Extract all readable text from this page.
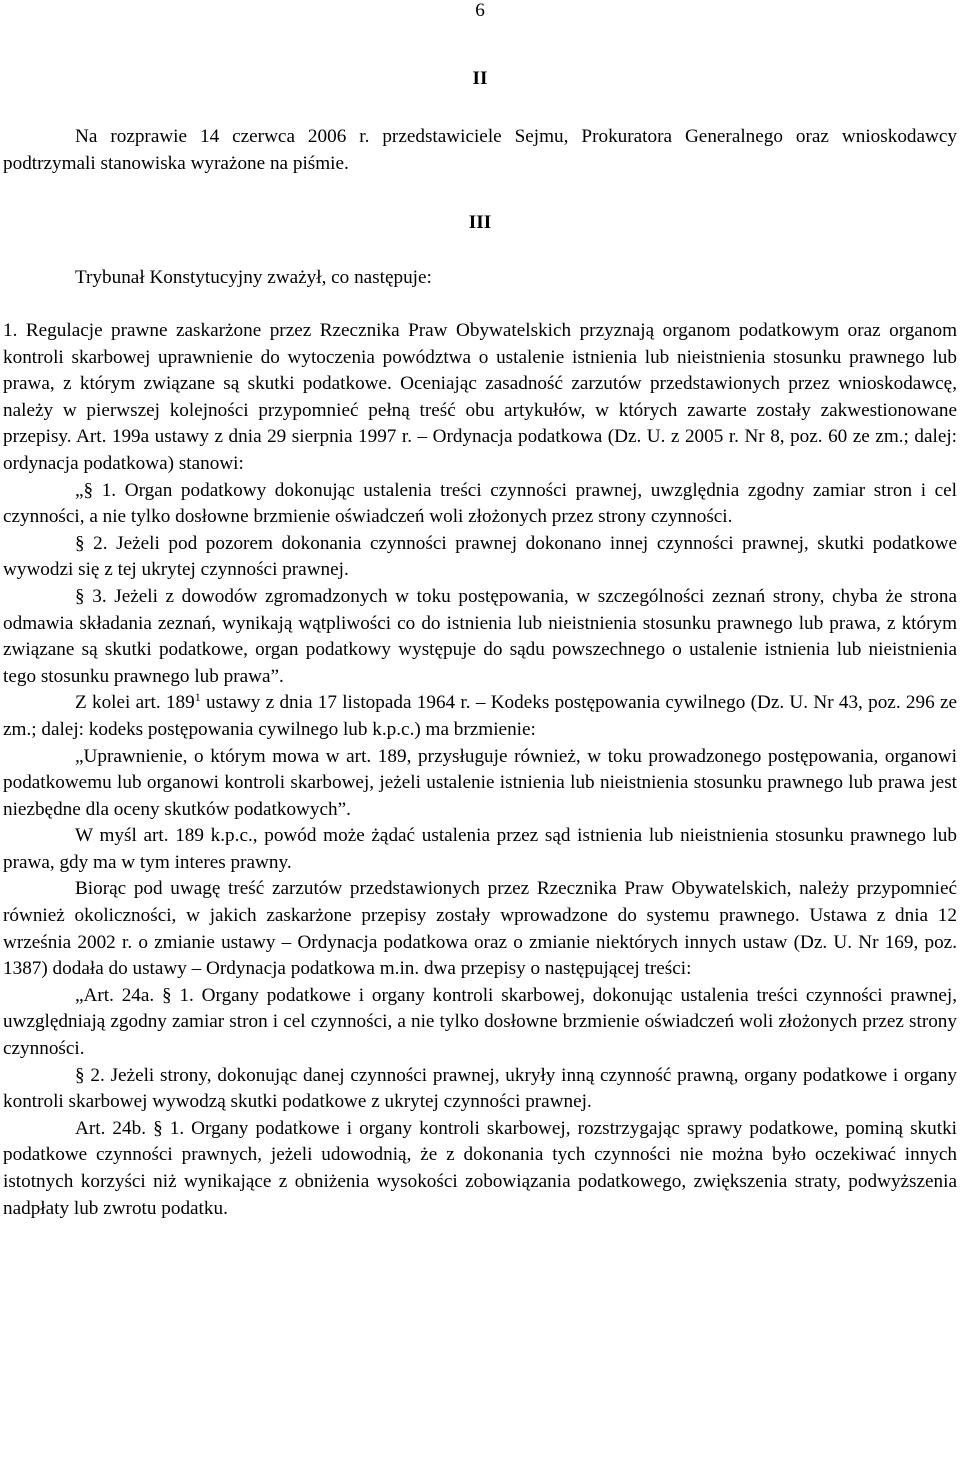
6
II

Na rozprawie 14 czerwca 2006 r. przedstawiciele Sejmu, Prokuratora Generalnego oraz wnioskodawcy podtrzymali stanowiska wyrażone na piśmie.

III

Trybunał Konstytucyjny zważył, co następuje:

1. Regulacje prawne zaskarżone przez Rzecznika Praw Obywatelskich przyznają organom podatkowym oraz organom kontroli skarbowej uprawnienie do wytoczenia powództwa o ustalenie istnienia lub nieistnienia stosunku prawnego lub prawa, z którym związane są skutki podatkowe. Oceniając zasadność zarzutów przedstawionych przez wnioskodawcę, należy w pierwszej kolejności przypomnieć pełną treść obu artykułów, w których zawarte zostały zakwestionowane przepisy. Art. 199a ustawy z dnia 29 sierpnia 1997 r. – Ordynacja podatkowa (Dz. U. z 2005 r. Nr 8, poz. 60 ze zm.; dalej: ordynacja podatkowa) stanowi:

„§ 1. Organ podatkowy dokonując ustalenia treści czynności prawnej, uwzględnia zgodny zamiar stron i cel czynności, a nie tylko dosłowne brzmienie oświadczeń woli złożonych przez strony czynności.

§ 2. Jeżeli pod pozorem dokonania czynności prawnej dokonano innej czynności prawnej, skutki podatkowe wywodzi się z tej ukrytej czynności prawnej.

§ 3. Jeżeli z dowodów zgromadzonych w toku postępowania, w szczególności zeznań strony, chyba że strona odmawia składania zeznań, wynikają wątpliwości co do istnienia lub nieistnienia stosunku prawnego lub prawa, z którym związane są skutki podatkowe, organ podatkowy występuje do sądu powszechnego o ustalenie istnienia lub nieistnienia tego stosunku prawnego lub prawa”.

Z kolei art. $189^1$ ustawy z dnia 17 listopada 1964 r. – Kodeks postępowania cywilnego (Dz. U. Nr 43, poz. 296 ze zm.; dalej: kodeks postępowania cywilnego lub k.p.c.) ma brzmienie:

„Uprawnienie, o którym mowa w art. 189, przysługuje również, w toku prowadzonego postępowania, organowi podatkowemu lub organowi kontroli skarbowej, jeżeli ustalenie istnienia lub nieistnienia stosunku prawnego lub prawa jest niezbędne dla oceny skutków podatkowych”.

W myśl art. 189 k.p.c., powód może żądać ustalenia przez sąd istnienia lub nieistnienia stosunku prawnego lub prawa, gdy ma w tym interes prawny.

Biorąc pod uwagę treść zarzutów przedstawionych przez Rzecznika Praw Obywatelskich, należy przypomnieć również okoliczności, w jakich zaskarżone przepisy zostały wprowadzone do systemu prawnego. Ustawa z dnia 12 września 2002 r. o zmianie ustawy – Ordynacja podatkowa oraz o zmianie niektórych innych ustaw (Dz. U. Nr 169, poz. 1387) dodała do ustawy – Ordynacja podatkowa m.in. dwa przepisy o następującej treści:

„Art. 24a. § 1. Organy podatkowe i organy kontroli skarbowej, dokonując ustalenia treści czynności prawnej, uwzględniają zgodny zamiar stron i cel czynności, a nie tylko dosłowne brzmienie oświadczeń woli złożonych przez strony czynności.

§ 2. Jeżeli strony, dokonując danej czynności prawnej, ukryły inną czynność prawną, organy podatkowe i organy kontroli skarbowej wywodzą skutki podatkowe z ukrytej czynności prawnej.

Art. 24b. § 1. Organy podatkowe i organy kontroli skarbowej, rozstrzygając sprawy podatkowe, pominą skutki podatkowe czynności prawnych, jeżeli udowodnią, że z dokonania tych czynności nie można było oczekiwać innych istotnych korzyści niż wynikające z obniżenia wysokości zobowiązania podatkowego, zwiększenia straty, podwyższenia nadpłaty lub zwrotu podatku.
